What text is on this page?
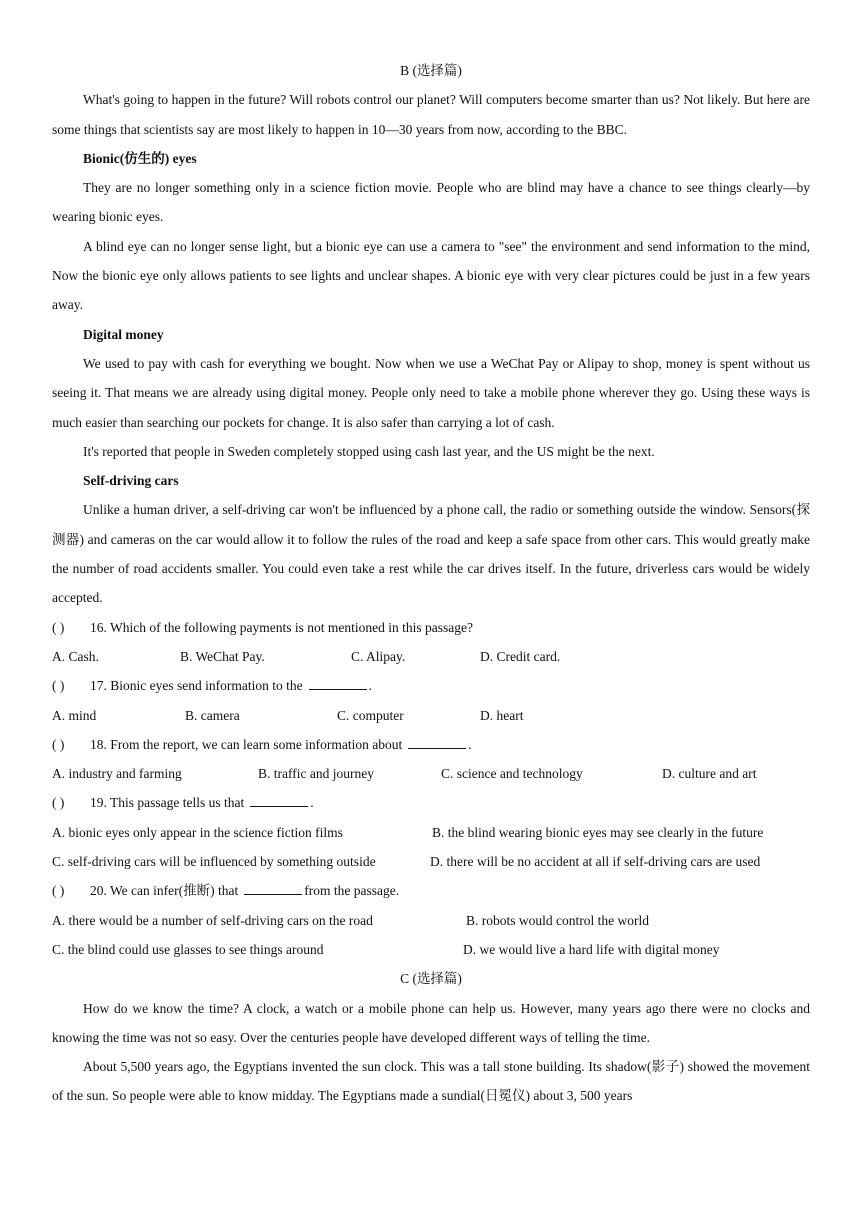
B (选择篇)
What's going to happen in the future? Will robots control our planet? Will computers become smarter than us? Not likely. But here are some things that scientists say are most likely to happen in 10—30 years from now, according to the BBC.
Bionic(仿生的) eyes
They are no longer something only in a science fiction movie. People who are blind may have a chance to see things clearly—by wearing bionic eyes.
A blind eye can no longer sense light, but a bionic eye can use a camera to "see" the environment and send information to the mind, Now the bionic eye only allows patients to see lights and unclear shapes. A bionic eye with very clear pictures could be just in a few years away.
Digital money
We used to pay with cash for everything we bought. Now when we use a WeChat Pay or Alipay to shop, money is spent without us seeing it. That means we are already using digital money. People only need to take a mobile phone wherever they go. Using these ways is much easier than searching our pockets for change. It is also safer than carrying a lot of cash.
It's reported that people in Sweden completely stopped using cash last year, and the US might be the next.
Self-driving cars
Unlike a human driver, a self-driving car won't be influenced by a phone call, the radio or something outside the window. Sensors(探测器) and cameras on the car would allow it to follow the rules of the road and keep a safe space from other cars. This would greatly make the number of road accidents smaller. You could even take a rest while the car drives itself. In the future, driverless cars would be widely accepted.
( ) 16. Which of the following payments is not mentioned in this passage?
A. Cash.	B. WeChat Pay.	C. Alipay.	D. Credit card.
( ) 17. Bionic eyes send information to the	.
A. mind	B. camera	C. computer	D. heart
( ) 18. From the report, we can learn some information about	.
A. industry and farming	B. traffic and journey	C. science and technology	D. culture and art
( ) 19. This passage tells us that	.
A. bionic eyes only appear in the science fiction films	B. the blind wearing bionic eyes may see clearly in the future
C. self-driving cars will be influenced by something outside	D. there will be no accident at all if self-driving cars are used
( ) 20. We can infer(推断) that	from the passage.
A. there would be a number of self-driving cars on the road	B. robots would control the world
C. the blind could use glasses to see things around	D. we would live a hard life with digital money
C (选择篇)
How do we know the time? A clock, a watch or a mobile phone can help us. However, many years ago there were no clocks and knowing the time was not so easy. Over the centuries people have developed different ways of telling the time.
About 5,500 years ago, the Egyptians invented the sun clock. This was a tall stone building. Its shadow(影子) showed the movement of the sun. So people were able to know midday. The Egyptians made a sundial(日冕仪) about 3, 500 years
